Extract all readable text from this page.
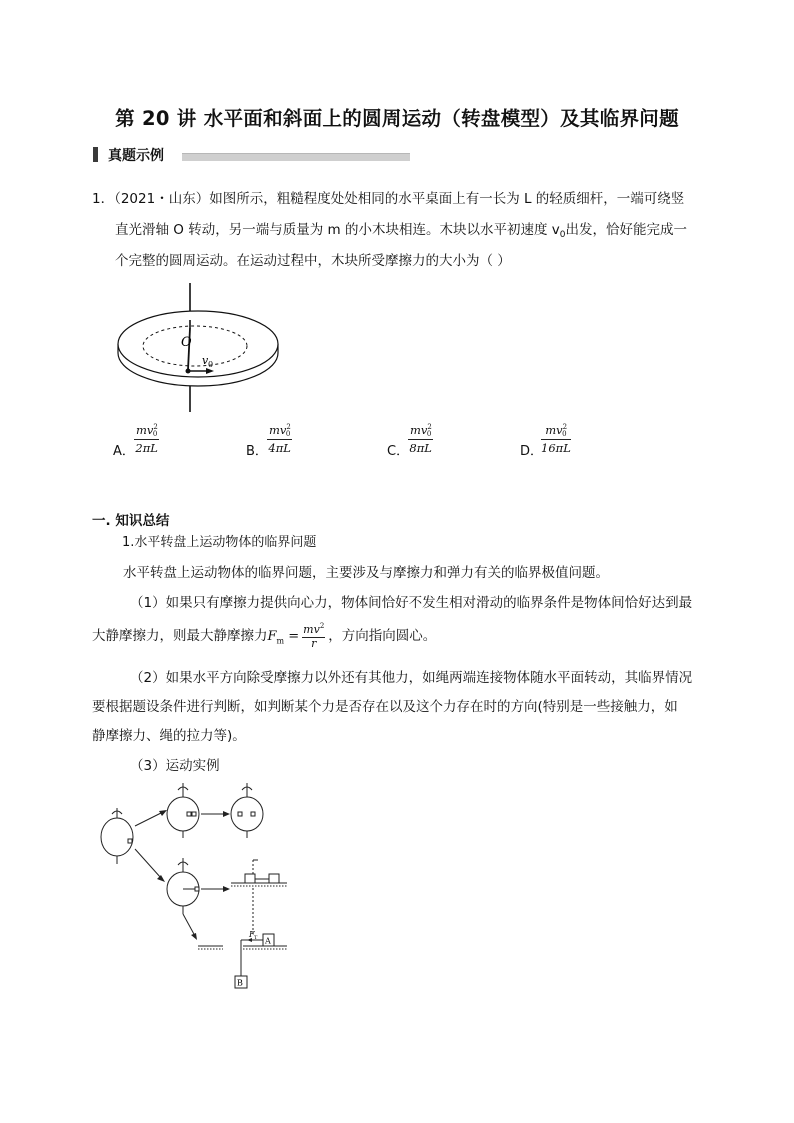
第 20 讲 水平面和斜面上的圆周运动（转盘模型）及其临界问题
真题示例
1．（2021・山东）如图所示，粗糙程度处处相同的水平桌面上有一长为 L 的轻质细杆，一端可绕竖
直光滑轴 O 转动，另一端与质量为 m 的小木块相连。木块以水平初速度 $v_0$出发，恰好能完成一
个完整的圆周运动。在运动过程中，木块所受摩擦力的大小为（ ）
O
v 0
A． $\frac{mv^2_0}{2\pi L}$	B． $\frac{mv^2_0}{4\pi L}$	C．
$\frac{mv^2_0}{8\pi L}$	D．
$\frac{mv^2_0}{16\pi L}$
一. 知识总结
1.水平转盘上运动物体的临界问题
水平转盘上运动物体的临界问题，主要涉及与摩擦力和弹力有关的临界极值问题。
（1）如果只有摩擦力提供向心力，物体间恰好不发生相对滑动的临界条件是物体间恰好达到最
大静摩擦力，则最大静摩擦力$F_m = \frac{mv^2}{r}$ ，方向指向圆心。
（2）如果水平方向除受摩擦力以外还有其他力，如绳两端连接物体随水平面转动，其临界情况
要根据题设条件进行判断，如判断某个力是否存在以及这个力存在时的方向(特别是一些接触力，如
静摩擦力、绳的拉力等)。
（3）运动实例
F T A
B
